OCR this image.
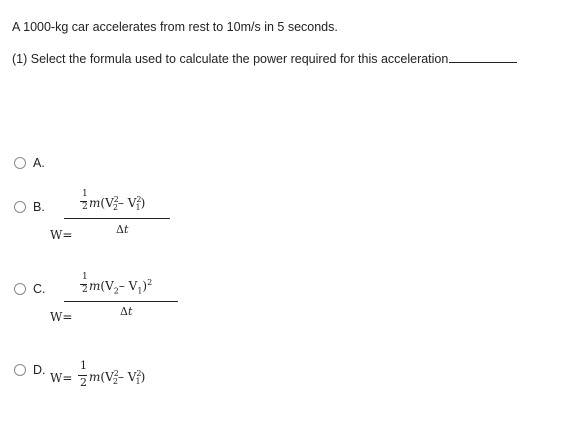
A 1000-kg car accelerates from rest to 10m/s in 5 seconds.
(1) Select the formula used to calculate the power required for this acceleration
A.
B.
W=
1
2 $m(V^2_2-$ $V^2_1$)
Δt
C.
W=
1
2 $m(V_2-$ $V_1)^2$
Δt
D.
W=
1
2 $m(V^2_2-$ $V^2_1$)
